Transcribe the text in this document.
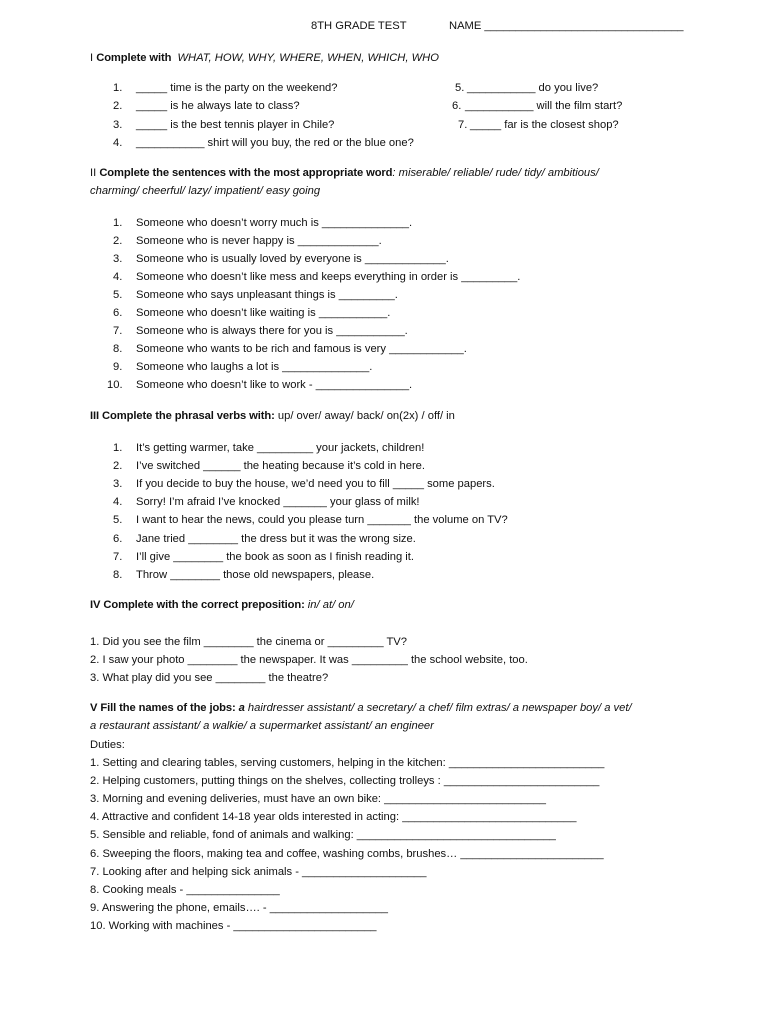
8TH GRADE TEST	NAME ________________________________
I Complete with WHAT, HOW, WHY, WHERE, WHEN, WHICH, WHO
1. _____ time is the party on the weekend?
2. _____ is he always late to class?
3. _____ is the best tennis player in Chile?
4. ___________ shirt will you buy, the red or the blue one?
5. ___________ do you live?
6. ___________ will the film start?
7. _____ far is the closest shop?
II Complete the sentences with the most appropriate word: miserable/ reliable/ rude/ tidy/ ambitious/
charming/ cheerful/ lazy/ impatient/ easy going
1. Someone who doesn’t worry much is ______________.
2. Someone who is never happy is _____________.
3. Someone who is usually loved by everyone is _____________.
4. Someone who doesn’t like mess and keeps everything in order is _________.
5. Someone who says unpleasant things is _________.
6. Someone who doesn’t like waiting is ___________.
7. Someone who is always there for you is ___________.
8. Someone who wants to be rich and famous is very ____________.
9. Someone who laughs a lot is ______________.
10. Someone who doesn’t like to work - _______________.
III Complete the phrasal verbs with: up/ over/ away/ back/ on(2x) / off/ in
1. It’s getting warmer, take _________ your jackets, children!
2. I’ve switched ______ the heating because it’s cold in here.
3. If you decide to buy the house, we’d need you to fill _____ some papers.
4. Sorry! I’m afraid I’ve knocked _______ your glass of milk!
5. I want to hear the news, could you please turn _______ the volume on TV?
6. Jane tried ________ the dress but it was the wrong size.
7. I’ll give ________ the book as soon as I finish reading it.
8. Throw ________ those old newspapers, please.
IV Complete with the correct preposition: in/ at/ on/
1. Did you see the film ________ the cinema or _________ TV?
2. I saw your photo ________ the newspaper. It was _________ the school website, too.
3. What play did you see ________ the theatre?
V Fill the names of the jobs: a hairdresser assistant/ a secretary/ a chef/ film extras/ a newspaper boy/ a vet/
a restaurant assistant/ a walkie/ a supermarket assistant/ an engineer
Duties:
1. Setting and clearing tables, serving customers, helping in the kitchen: _________________________
2. Helping customers, putting things on the shelves, collecting trolleys : _________________________
3. Morning and evening deliveries, must have an own bike: __________________________
4. Attractive and confident 14-18 year olds interested in acting: ____________________________
5. Sensible and reliable, fond of animals and walking: ________________________________
6. Sweeping the floors, making tea and coffee, washing combs, brushes… _______________________
7. Looking after and helping sick animals - ____________________
8. Cooking meals - _______________
9. Answering the phone, emails…. - ___________________
10. Working with machines - _______________________
